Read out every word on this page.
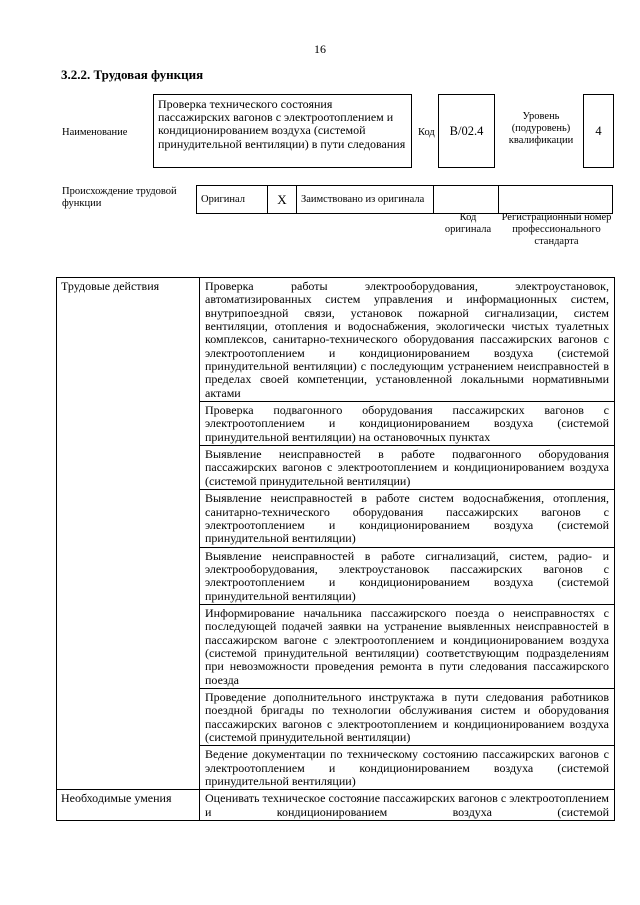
16
3.2.2. Трудовая функция
Наименование
Проверка технического состояния пассажирских вагонов с электроотоплением и кондиционированием воздуха (системой принудительной вентиляции) в пути следования
Код B/02.4
Уровень (подуровень) квалификации
4
Происхождение трудовой функции	Оригинал	X	Заимствовано из оригинала		
Код оригинала
Регистрационный номер профессионального стандарта
Трудовые действия	Проверка работы электрооборудования, электроустановок, автоматизированных систем управления и информационных систем, внутрипоездной связи, установок пожарной сигнализации, систем вентиляции, отопления и водоснабжения, экологически чистых туалетных комплексов, санитарно-технического оборудования пассажирских вагонов с электроотоплением и кондиционированием воздуха (системой принудительной вентиляции) с последующим устранением неисправностей в пределах своей компетенции, установленной локальными нормативными актами
	Проверка подвагонного оборудования пассажирских вагонов с электроотоплением и кондиционированием воздуха (системой принудительной вентиляции) на остановочных пунктах
	Выявление неисправностей в работе подвагонного оборудования пассажирских вагонов с электроотоплением и кондиционированием воздуха (системой принудительной вентиляции)
	Выявление неисправностей в работе систем водоснабжения, отопления, санитарно-технического оборудования пассажирских вагонов с электроотоплением и кондиционированием воздуха (системой принудительной вентиляции)
	Выявление неисправностей в работе сигнализаций, систем, радио- и электрооборудования, электроустановок пассажирских вагонов с электроотоплением и кондиционированием воздуха (системой принудительной вентиляции)
	Информирование начальника пассажирского поезда о неисправностях с последующей подачей заявки на устранение выявленных неисправностей в пассажирском вагоне с электроотоплением и кондиционированием воздуха (системой принудительной вентиляции) соответствующим подразделениям при невозможности проведения ремонта в пути следования пассажирского поезда
	Проведение дополнительного инструктажа в пути следования работников поездной бригады по технологии обслуживания систем и оборудования пассажирских вагонов с электроотоплением и кондиционированием воздуха (системой принудительной вентиляции)
	Ведение документации по техническому состоянию пассажирских вагонов с электроотоплением и кондиционированием воздуха (системой принудительной вентиляции)
Необходимые умения	Оценивать техническое состояние пассажирских вагонов с электроотоплением и кондиционированием воздуха (системой
